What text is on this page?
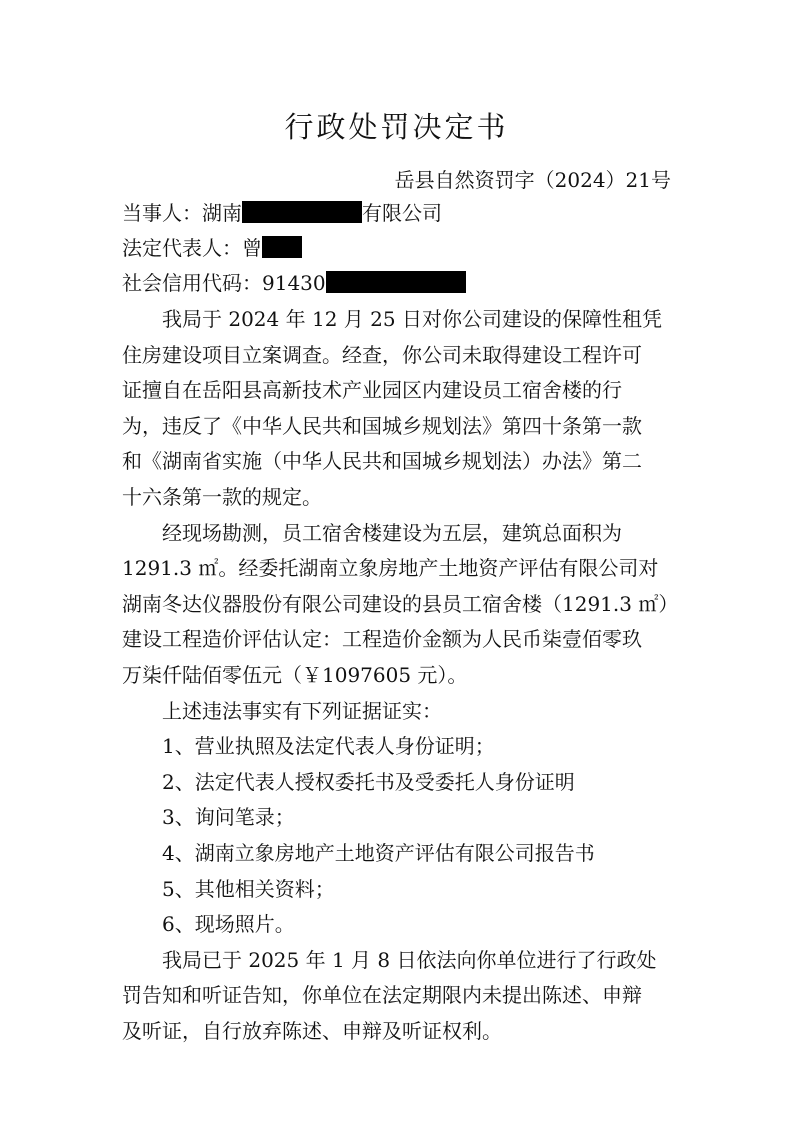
行政处罚决定书
岳县自然资罚字（2024）21号
当事人：湖南	有限公司
法定代表人：曾
社会信用代码：91430
　　我局于 2024 年 12 月 25 日对你公司建设的保障性租凭
住房建设项目立案调查。经查，你公司未取得建设工程许可
证擅自在岳阳县高新技术产业园区内建设员工宿舍楼的行
为，违反了《中华人民共和国城乡规划法》第四十条第一款
和《湖南省实施（中华人民共和国城乡规划法）办法》第二
十六条第一款的规定。
　　经现场勘测，员工宿舍楼建设为五层，建筑总面积为
1291.3 ㎡。经委托湖南立象房地产土地资产评估有限公司对
湖南冬达仪器股份有限公司建设的县员工宿舍楼（1291.3 ㎡）
建设工程造价评估认定：工程造价金额为人民币柒壹佰零玖
万柒仟陆佰零伍元（￥1097605 元）。
　　上述违法事实有下列证据证实：
　　1、营业执照及法定代表人身份证明；
　　2、法定代表人授权委托书及受委托人身份证明
　　3、询问笔录；
　　4、湖南立象房地产土地资产评估有限公司报告书
　　5、其他相关资料；
　　6、现场照片。
　　我局已于 2025 年 1 月 8 日依法向你单位进行了行政处
罚告知和听证告知，你单位在法定期限内未提出陈述、申辩
及听证，自行放弃陈述、申辩及听证权利。
